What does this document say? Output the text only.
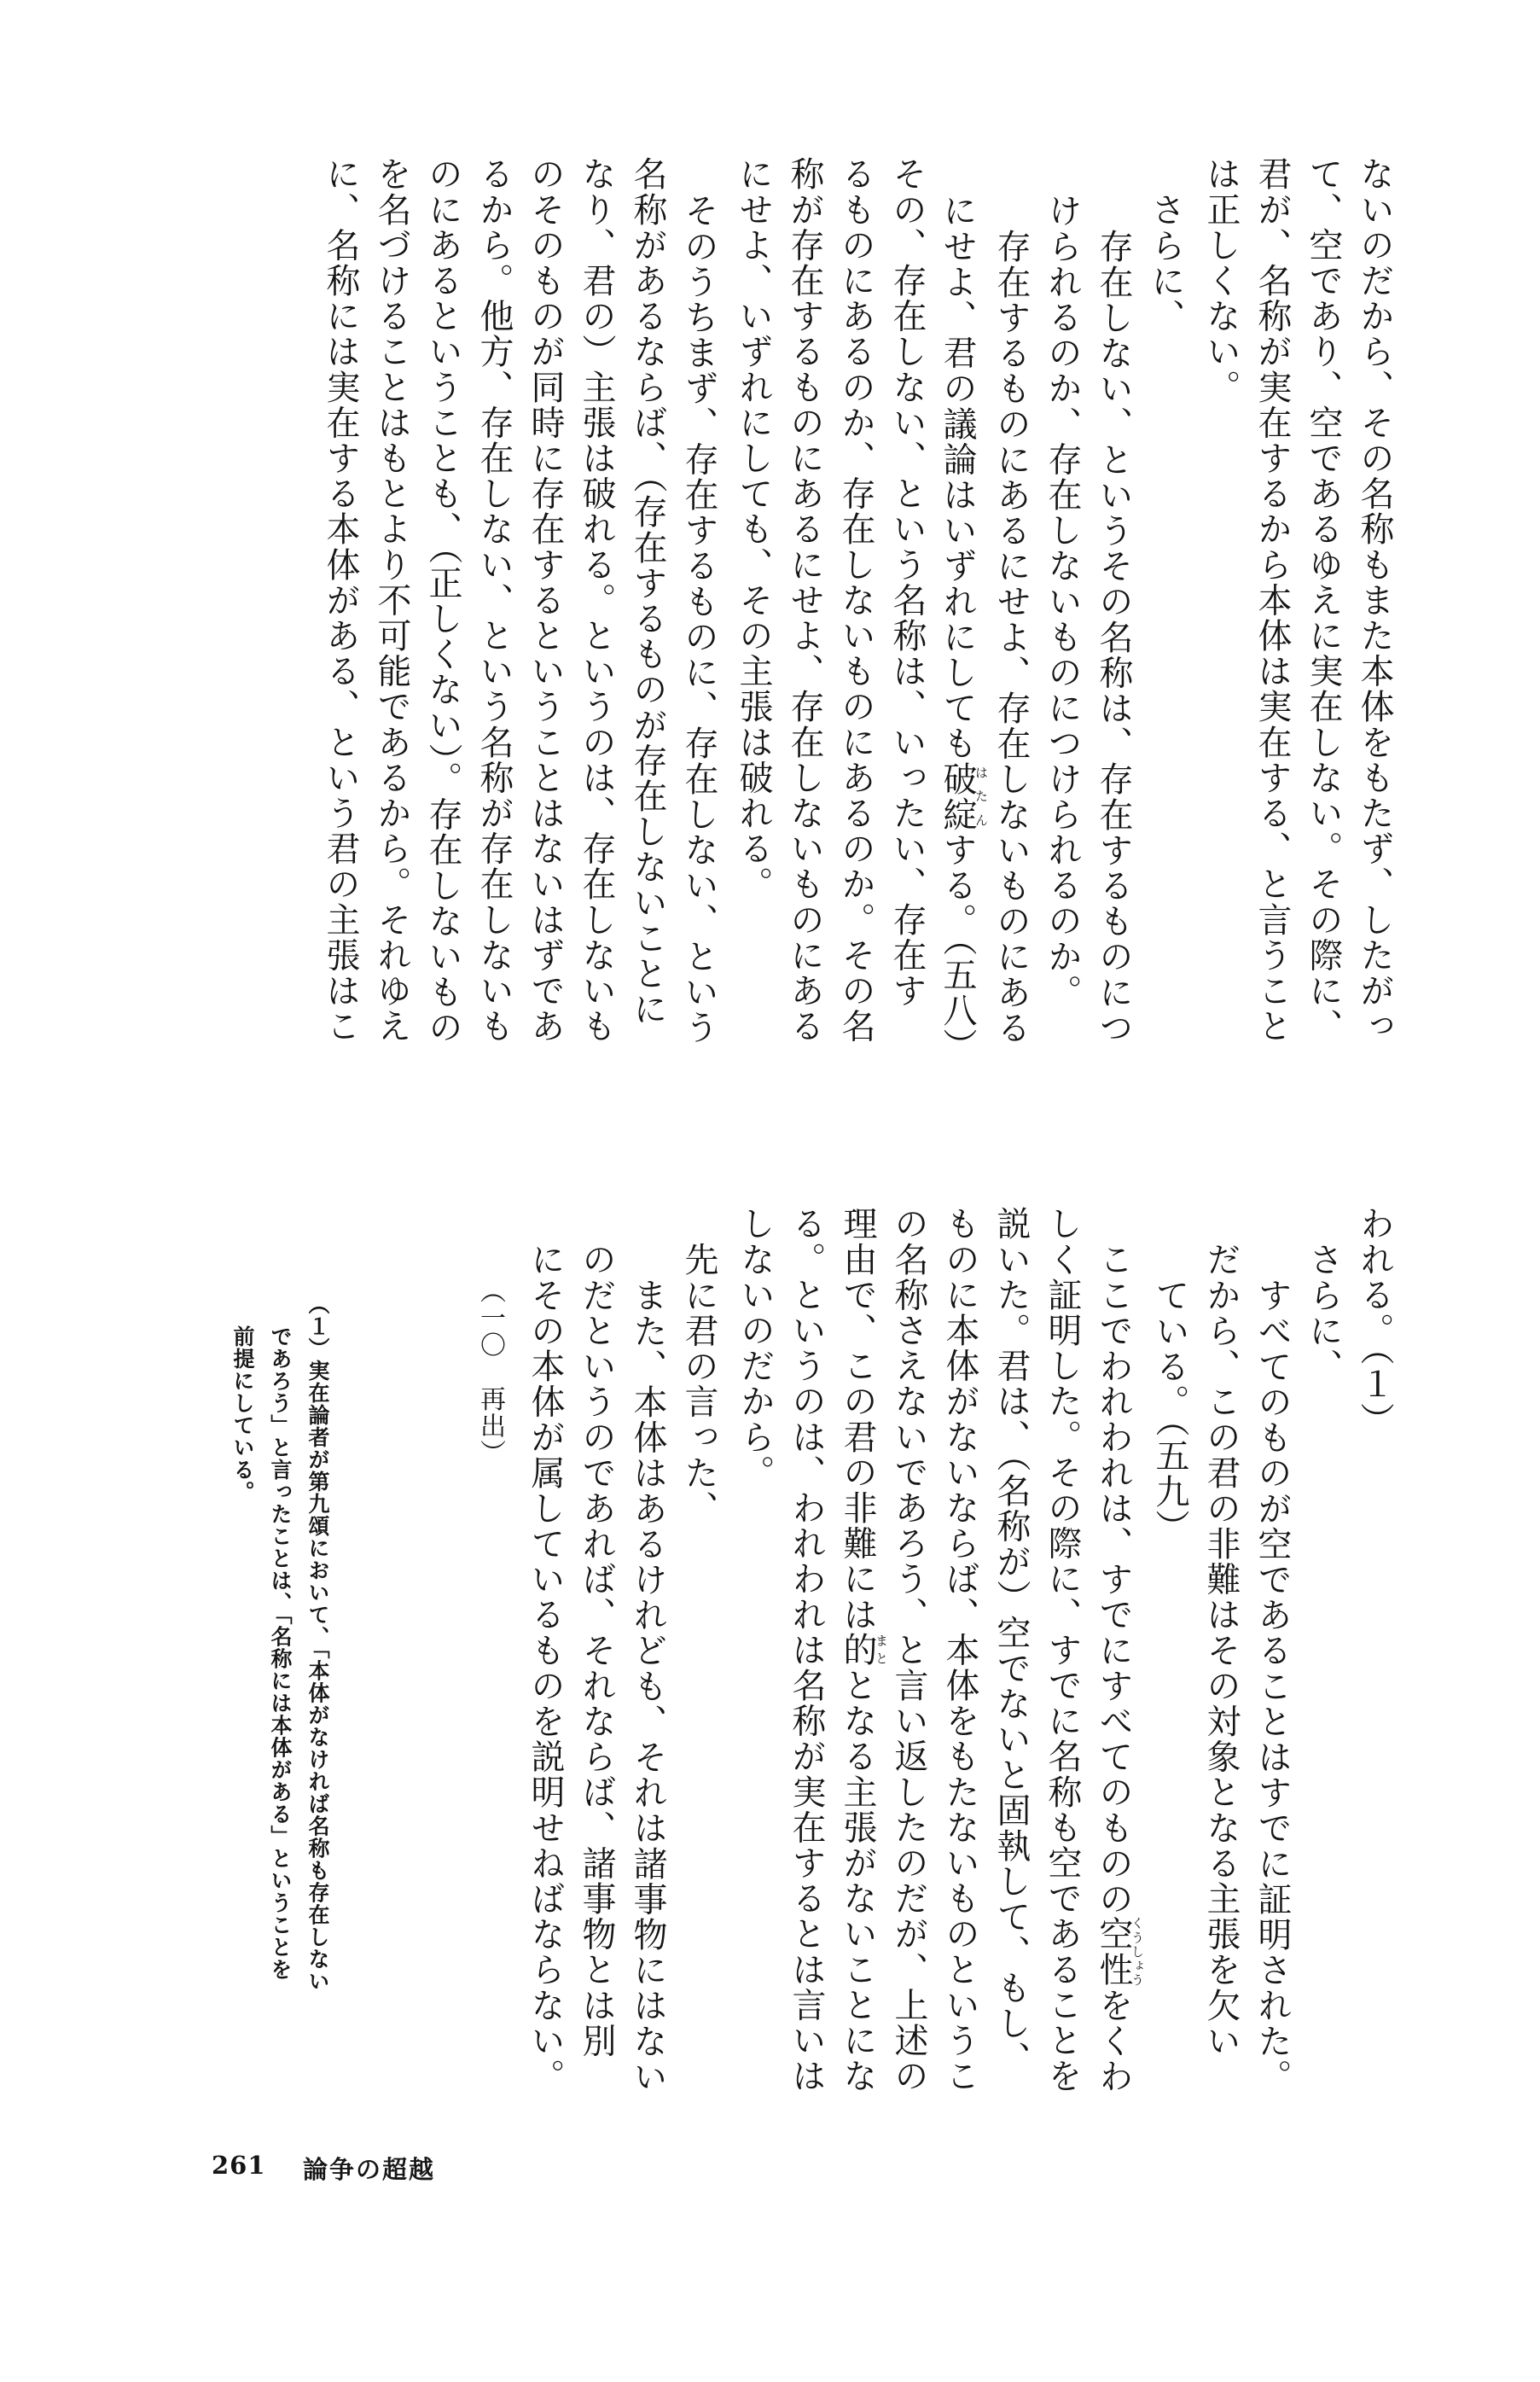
ないのだから、その名称もまた本体をもたず、したがっ
て、空であり、空であるゆえに実在しない。その際に、
君が、名称が実在するから本体は実在する、と言うこと
は正しくない。
さらに、
存在しない、というその名称は、存在するものにつ
けられるのか、存在しないものにつけられるのか。
存在するものにあるにせよ、存在しないものにある
にせよ、君の議論はいずれにしても破綻はたんする。（五八）
その、存在しない、という名称は、いったい、存在す
るものにあるのか、存在しないものにあるのか。その名
称が存在するものにあるにせよ、存在しないものにある
にせよ、いずれにしても、その主張は破れる。
そのうちまず、存在するものに、存在しない、という
名称があるならば、（存在するものが存在しないことに
なり、君の）主張は破れる。というのは、存在しないも
のそのものが同時に存在するということはないはずであ
るから。他方、存在しない、という名称が存在しないも
のにあるということも、（正しくない）。存在しないもの
を名づけることはもとより不可能であるから。それゆえ
に、名称には実在する本体がある、という君の主張はこ
われる。（１）
さらに、
すべてのものが空であることはすでに証明された。
だから、この君の非難はその対象となる主張を欠い
ている。（五九）
ここでわれわれは、すでにすべてのものの空性くうしょうをくわ
しく証明した。その際に、すでに名称も空であることを
説いた。君は、（名称が）空でないと固執して、もし、
ものに本体がないならば、本体をもたないものというこ
の名称さえないであろう、と言い返したのだが、上述の
理由で、この君の非難には的まととなる主張がないことにな
る。というのは、われわれは名称が実在するとは言いは
しないのだから。
先に君の言った、
また、本体はあるけれども、それは諸事物にはない
のだというのであれば、それならば、諸事物とは別
にその本体が属しているものを説明せねばならない。
（一〇　再出）
（１）実在論者が第九頌において、「本体がなければ名称も存在しない
であろう」と言ったことは、「名称には本体がある」ということを
前提にしている。
261 論争の超越
